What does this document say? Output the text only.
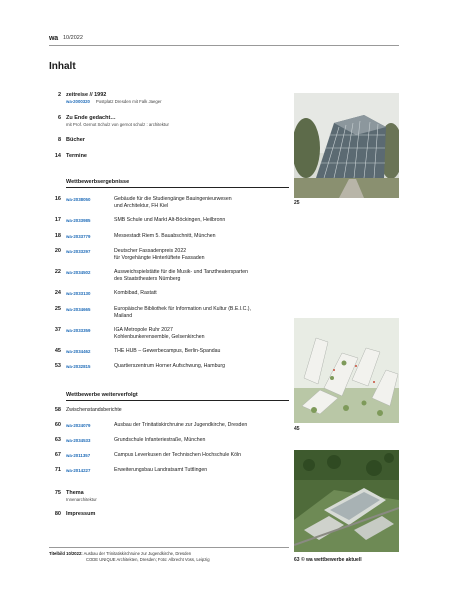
wa 10/2022
Inhalt
2 zeitreise // 1992
wa-2000320 Postplatz Dresden mit Falk Jaeger
6 Zu Ende gedacht…
mit Prof. Gernot Schulz von gernot schulz : architektur
8 Bücher
14 Termine
Wettbewerbsergebnisse
16 wa-2038050	Gebäude für die Studiengänge Bauingenieurwesen
und Architektur, FH Kiel
17 wa-2033985	SMB Schule und Markt Alt-Böckingen, Heilbronn
18 wa-2033779	Messestadt Riem 5. Bauabschnitt, München
20 wa-2033297	Deutscher Fassadenpreis 2022
für Vorgehängte Hinterlüftete Fassaden
22 wa-2034502	Ausweichspielstätte für die Musik- und Tanztheatersparten
des Staatstheaters Nürnberg
24 wa-2033130	Kombibad, Rastatt
25 wa-2034665	Europäische Bibliothek für Information und Kultur (B.E.I.C.),
Mailand
37 wa-2033359	IGA Metropole Ruhr 2027
Kohlenbunkerensemble, Gelsenkirchen
45 wa-2034462	THE HUB – Gewerbecampus, Berlin-Spandau
53 wa-2032815	Quartierszentrum Horner Aufschwung, Hamburg
Wettbewerbe weiterverfolgt
58 Zwischenstandsberichte
60 wa-2024079	Ausbau der Trinitatiskirchruine zur Jugendkirche, Dresden
63 wa-2034533	Grundschule Infanteriestraße, München
67 wa-2011357	Campus Leverkusen der Technischen Hochschule Köln
71 wa-2014227	Erweiterungsbau Landratsamt Tuttlingen
75 Thema
Innenarchitektur
80 Impressum
25
45
Titelbild 10/2022: Ausbau der Trinitatiskirchruine zur Jugendkirche, Dresden
CODE UNIQUE Architekten, Dresden; Foto: Albrecht Voss, Leipzig	63 © wa wettbewerbe aktuell
